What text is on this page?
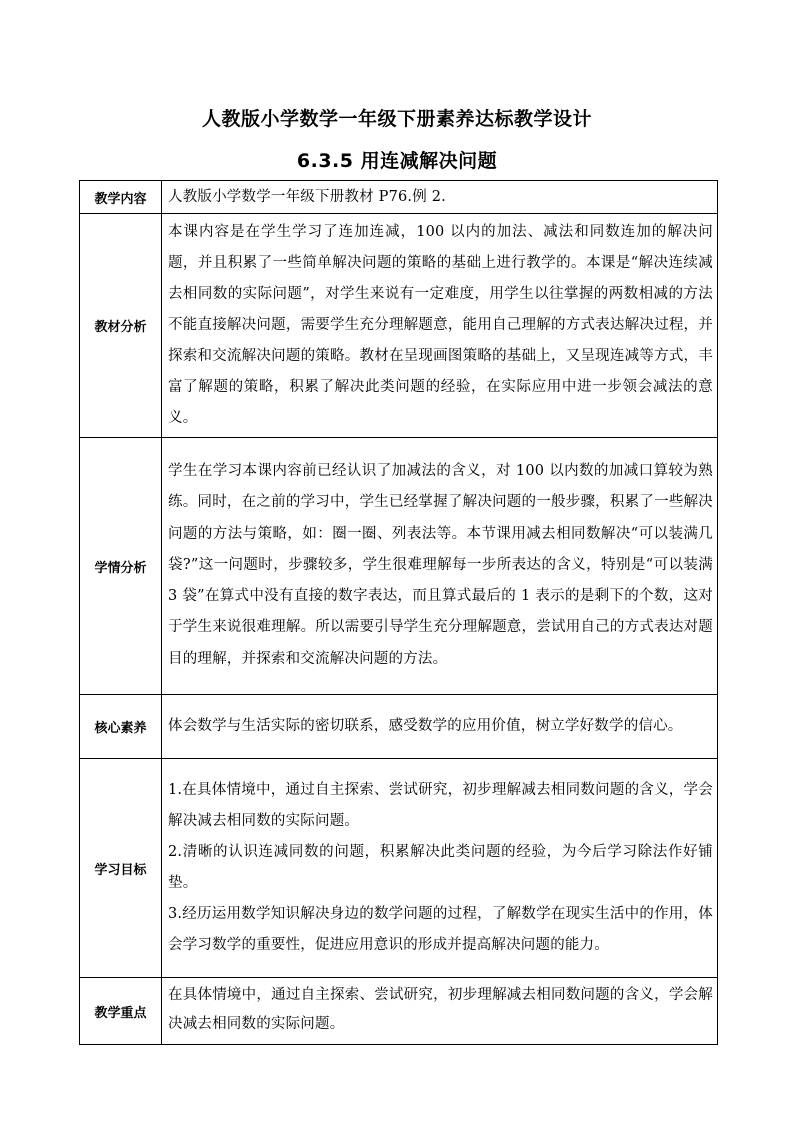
人教版小学数学一年级下册素养达标教学设计
6.3.5 用连减解决问题
教学内容	人教版小学数学一年级下册教材 P76.例 2.
教材分析	本课内容是在学生学习了连加连减，100 以内的加法、减法和同数连加的解决问题，并且积累了一些简单解决问题的策略的基础上进行教学的。本课是“解决连续减去相同数的实际问题”，对学生来说有一定难度，用学生以往掌握的两数相减的方法不能直接解决问题，需要学生充分理解题意，能用自己理解的方式表达解决过程，并探索和交流解决问题的策略。教材在呈现画图策略的基础上，又呈现连减等方式，丰富了解题的策略，积累了解决此类问题的经验，在实际应用中进一步领会减法的意义。
学情分析	学生在学习本课内容前已经认识了加减法的含义，对 100 以内数的加减口算较为熟练。同时，在之前的学习中，学生已经掌握了解决问题的一般步骤，积累了一些解决问题的方法与策略，如：圈一圈、列表法等。本节课用减去相同数解决“可以装满几袋?”这一问题时，步骤较多，学生很难理解每一步所表达的含义，特别是“可以装满 3 袋”在算式中没有直接的数字表达，而且算式最后的 1 表示的是剩下的个数，这对于学生来说很难理解。所以需要引导学生充分理解题意，尝试用自己的方式表达对题目的理解，并探索和交流解决问题的方法。
核心素养	体会数学与生活实际的密切联系，感受数学的应用价值，树立学好数学的信心。
学习目标	1.在具体情境中，通过自主探索、尝试研究，初步理解减去相同数问题的含义，学会解决减去相同数的实际问题。
2.清晰的认识连减同数的问题，积累解决此类问题的经验，为今后学习除法作好铺垫。
3.经历运用数学知识解决身边的数学问题的过程，了解数学在现实生活中的作用，体会学习数学的重要性，促进应用意识的形成并提高解决问题的能力。

教学重点	在具体情境中，通过自主探索、尝试研究，初步理解减去相同数问题的含义，学会解决减去相同数的实际问题。
